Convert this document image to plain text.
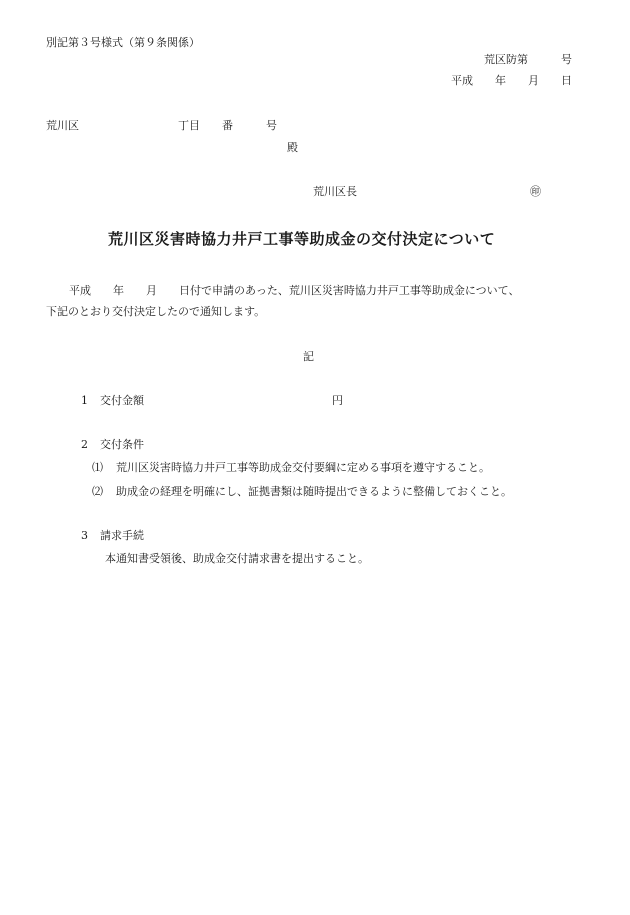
別記第３号様式（第９条関係）
荒区防第　　　号
平成　　年　　月　　日
荒川区　　　　　　　　　丁目　　番　　　号
殿
荒川区長	㊞
荒川区災害時協力井戸工事等助成金の交付決定について
平成　　年　　月　　日付で申請のあった、荒川区災害時協力井戸工事等助成金について、
下記のとおり交付決定したので通知します。
記
1 交付金額	円
2 交付条件
⑴ 荒川区災害時協力井戸工事等助成金交付要綱に定める事項を遵守すること。
⑵ 助成金の経理を明確にし、証拠書類は随時提出できるように整備しておくこと。
3 請求手続
本通知書受領後、助成金交付請求書を提出すること。
